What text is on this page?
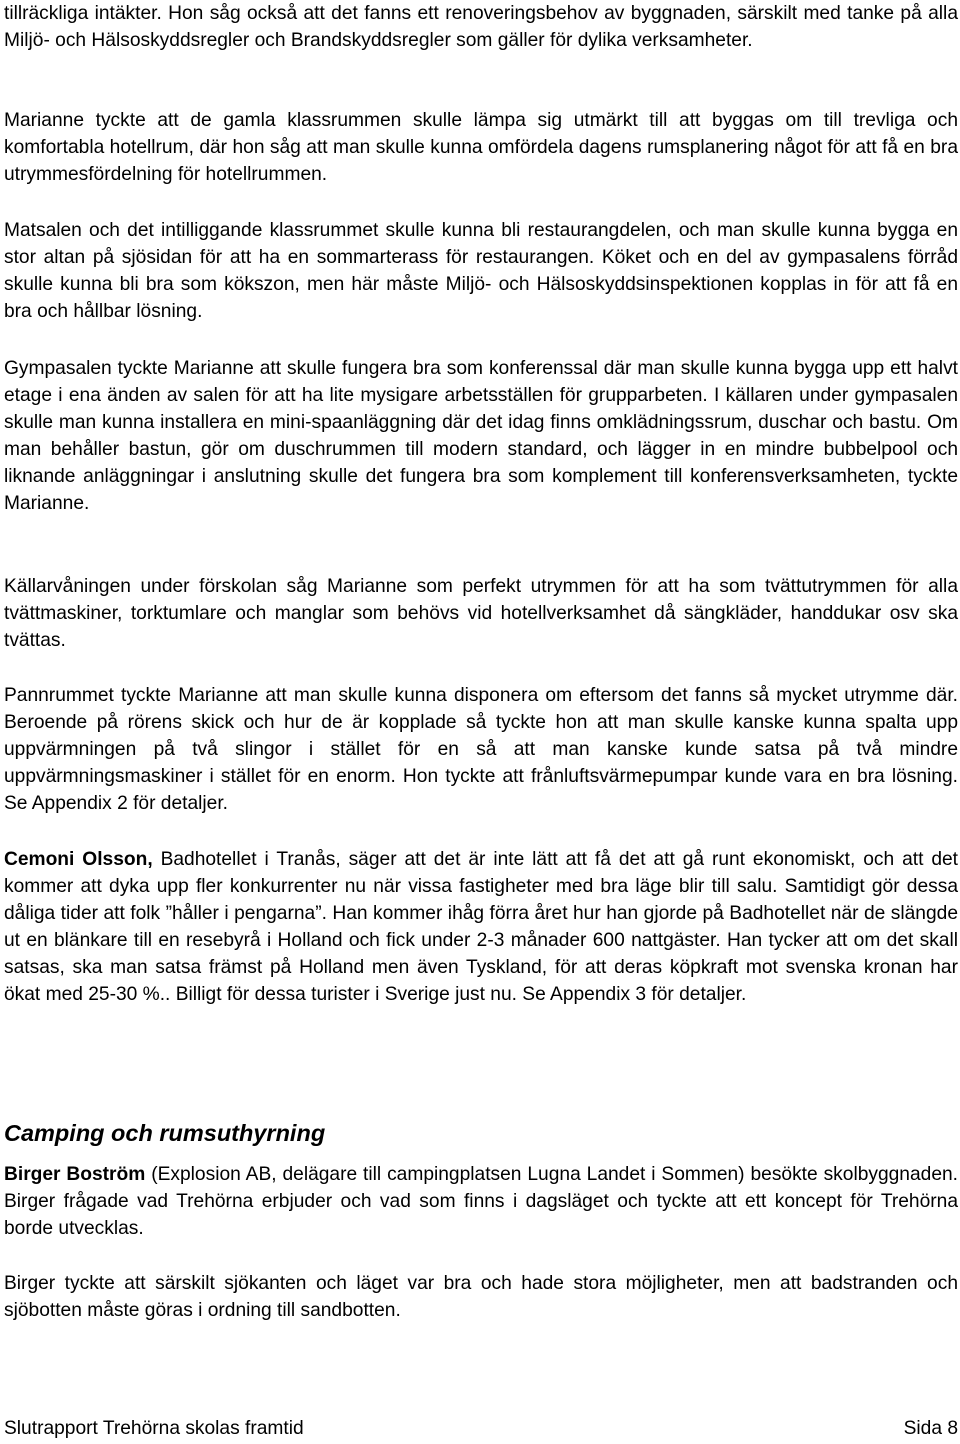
tillräckliga intäkter. Hon såg också att det fanns ett renoveringsbehov av byggnaden, särskilt med tanke på alla Miljö- och Hälsoskyddsregler och Brandskyddsregler som gäller för dylika verksamheter.

Marianne tyckte att de gamla klassrummen skulle lämpa sig utmärkt till att byggas om till trevliga och komfortabla hotellrum, där hon såg att man skulle kunna omfördela dagens rumsplanering något för att få en bra utrymmesfördelning för hotellrummen.

Matsalen och det intilliggande klassrummet skulle kunna bli restaurangdelen, och man skulle kunna bygga en stor altan på sjösidan för att ha en sommarterass för restaurangen. Köket och en del av gympasalens förråd skulle kunna bli bra som kökszon, men här måste Miljö- och Hälsoskyddsinspektionen kopplas in för att få en bra och hållbar lösning.

Gympasalen tyckte Marianne att skulle fungera bra som konferenssal där man skulle kunna bygga upp ett halvt etage i ena änden av salen för att ha lite mysigare arbetsställen för grupparbeten. I källaren under gympasalen skulle man kunna installera en mini-spaanläggning där det idag finns omklädningssrum, duschar och bastu. Om man behåller bastun, gör om duschrummen till modern standard, och lägger in en mindre bubbelpool och liknande anläggningar i anslutning skulle det fungera bra som komplement till konferensverksamheten, tyckte Marianne.

Källarvåningen under förskolan såg Marianne som perfekt utrymmen för att ha som tvättutrymmen för alla tvättmaskiner, torktumlare och manglar som behövs vid hotellverksamhet då sängkläder, handdukar osv ska tvättas.

Pannrummet tyckte Marianne att man skulle kunna disponera om eftersom det fanns så mycket utrymme där. Beroende på rörens skick och hur de är kopplade så tyckte hon att man skulle kanske kunna spalta upp uppvärmningen på två slingor i stället för en så att man kanske kunde satsa på två mindre uppvärmningsmaskiner i stället för en enorm. Hon tyckte att frånluftsvärmepumpar kunde vara en bra lösning. Se Appendix 2 för detaljer.

Cemoni Olsson, Badhotellet i Tranås, säger att det är inte lätt att få det att gå runt ekonomiskt, och att det kommer att dyka upp fler konkurrenter nu när vissa fastigheter med bra läge blir till salu. Samtidigt gör dessa dåliga tider att folk ”håller i pengarna”. Han kommer ihåg förra året hur han gjorde på Badhotellet när de slängde ut en blänkare till en resebyrå i Holland och fick under 2-3 månader 600 nattgäster. Han tycker att om det skall satsas, ska man satsa främst på Holland men även Tyskland, för att deras köpkraft mot svenska kronan har ökat med 25-30 %.. Billigt för dessa turister i Sverige just nu. Se Appendix 3 för detaljer.

Camping och rumsuthyrning

Birger Boström (Explosion AB, delägare till campingplatsen Lugna Landet i Sommen) besökte skolbyggnaden. Birger frågade vad Trehörna erbjuder och vad som finns i dagsläget och tyckte att ett koncept för Trehörna borde utvecklas.

Birger tyckte att särskilt sjökanten och läget var bra och hade stora möjligheter, men att badstranden och sjöbotten måste göras i ordning till sandbotten.

Slutrapport Trehörna skolas framtid	Sida 8
